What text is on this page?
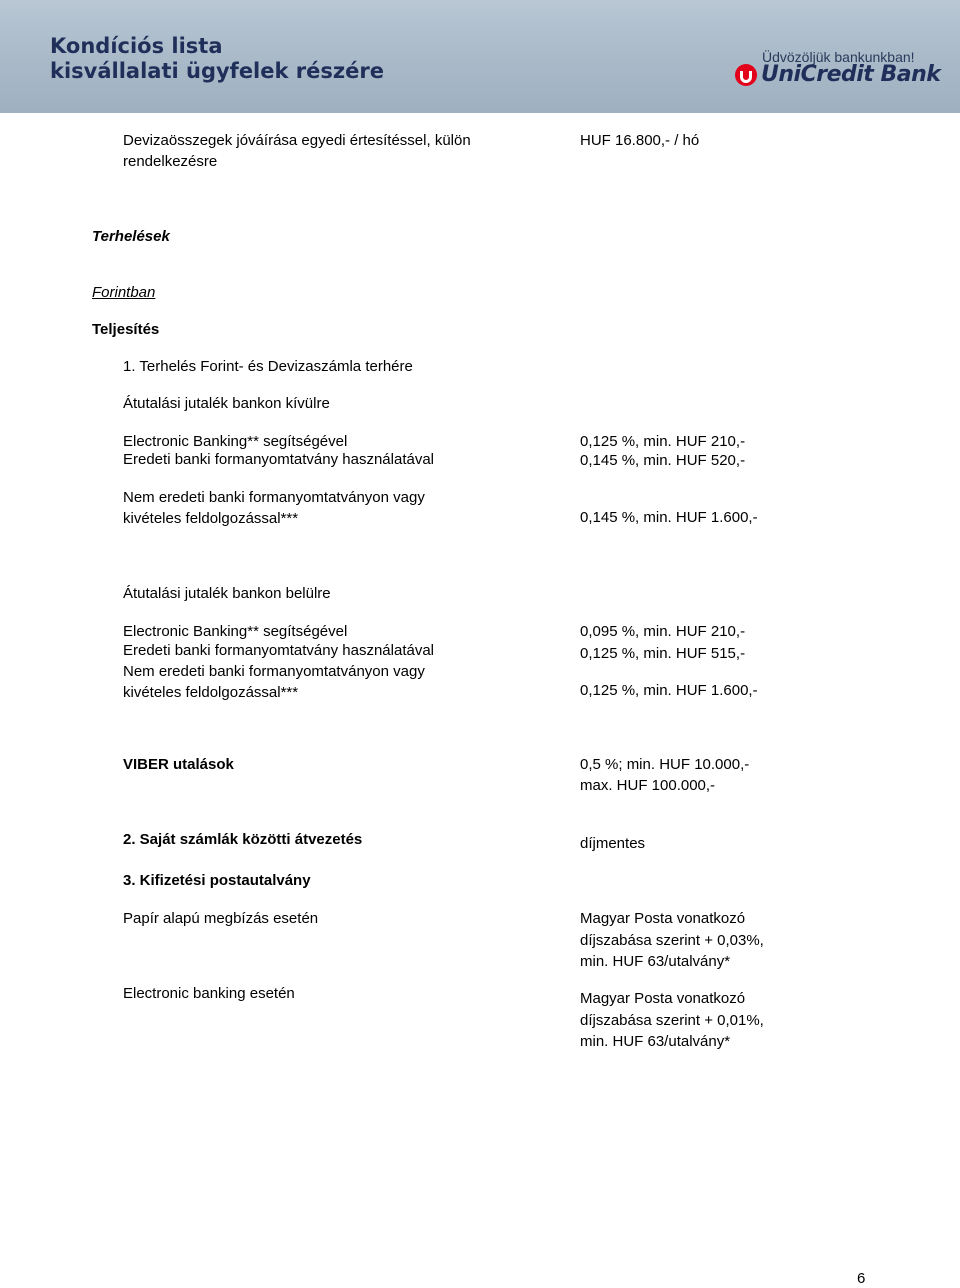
Kondíciós lista
kisvállalati ügyfelek részére
Üdvözöljük bankunkban!
UniCredit Bank
Devizaösszegek jóváírása egyedi értesítéssel, külön
rendelkezésre
HUF 16.800,- / hó
Terhelések
Forintban
Teljesítés
1. Terhelés Forint- és Devizaszámla terhére
Átutalási jutalék bankon kívülre
Electronic Banking** segítségével	0,125 %, min. HUF 210,-
Eredeti banki formanyomtatvány használatával	0,145 %, min. HUF 520,-
Nem eredeti banki formanyomtatványon vagy
kivételes feldolgozással***	0,145 %, min. HUF 1.600,-
Átutalási jutalék bankon belülre
Electronic Banking** segítségével	0,095 %, min. HUF 210,-
Eredeti banki formanyomtatvány használatával	0,125 %, min. HUF 515,-
Nem eredeti banki formanyomtatványon vagy
kivételes feldolgozással***	0,125 %, min. HUF 1.600,-
VIBER utalások	0,5 %; min. HUF 10.000,-
max. HUF 100.000,-
2. Saját számlák közötti átvezetés	díjmentes
3. Kifizetési postautalvány
Papír alapú megbízás esetén	Magyar Posta vonatkozó
díjszabása szerint + 0,03%,
min. HUF 63/utalvány*
Electronic banking esetén	Magyar Posta vonatkozó
díjszabása szerint + 0,01%,
min. HUF 63/utalvány*
6
